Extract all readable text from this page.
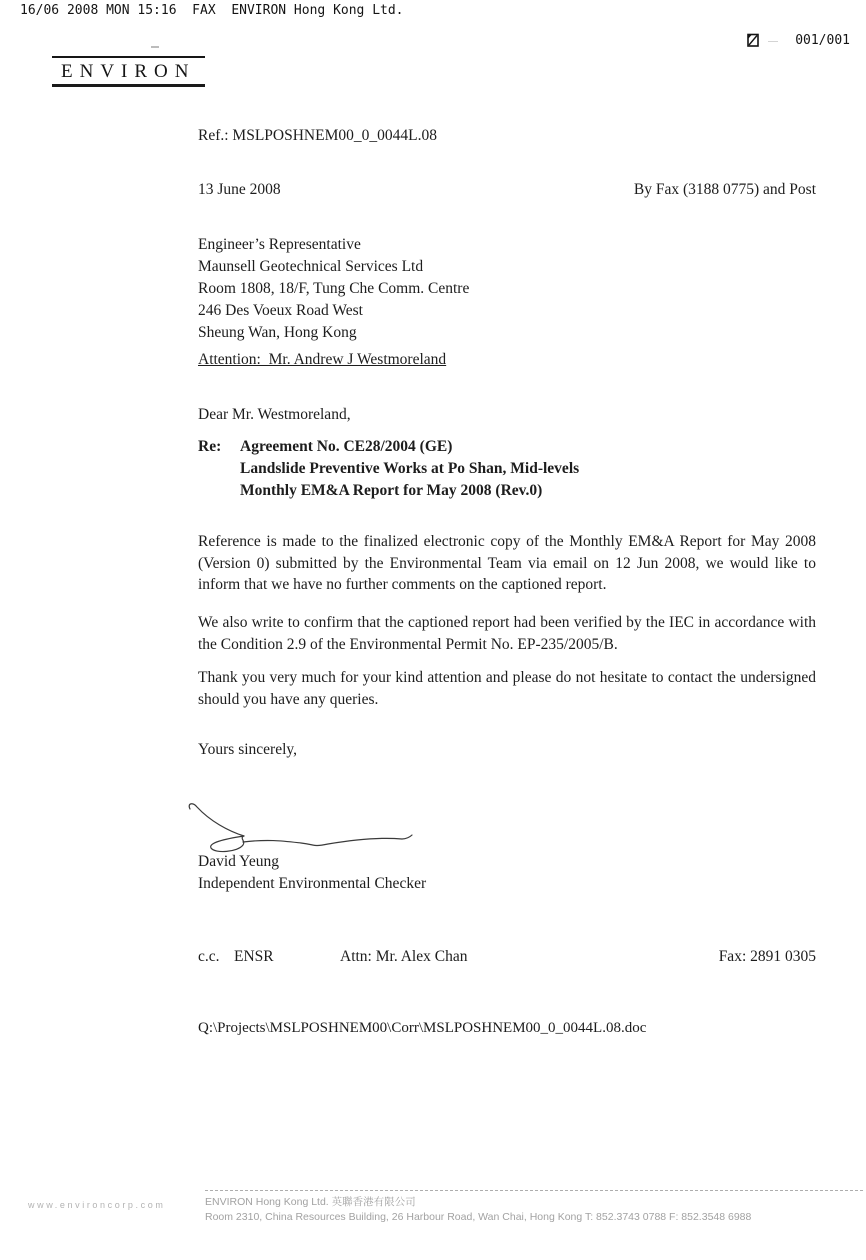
16/06 2008 MON 15:16  FAX  ENVIRON Hong Kong Ltd.

001/001
ENVIRON
Ref.: MSLPOSHNEM00_0_0044L.08
13 June 2008	By Fax (3188 0775) and Post
Engineer’s Representative
Maunsell Geotechnical Services Ltd
Room 1808, 18/F, Tung Che Comm. Centre
246 Des Voeux Road West
Sheung Wan, Hong Kong
Attention:  Mr. Andrew J Westmoreland
Dear Mr. Westmoreland,
Re:	Agreement No. CE28/2004 (GE)
Landslide Preventive Works at Po Shan, Mid-levels
Monthly EM&A Report for May 2008 (Rev.0)
Reference is made to the finalized electronic copy of the Monthly EM&A Report for May 2008 (Version 0) submitted by the Environmental Team via email on 12 Jun 2008, we would like to inform that we have no further comments on the captioned report.
We also write to confirm that the captioned report had been verified by the IEC in accordance with the Condition 2.9 of the Environmental Permit No. EP-235/2005/B.
Thank you very much for your kind attention and please do not hesitate to contact the undersigned should you have any queries.
Yours sincerely,
David Yeung
Independent Environmental Checker
c.c. ENSR	Attn: Mr. Alex Chan	Fax: 2891 0305
Q:\Projects\MSLPOSHNEM00\Corr\MSLPOSHNEM00_0_0044L.08.doc
www.environcorp.com	ENVIRON Hong Kong Ltd. 英聯香港有限公司
Room 2310, China Resources Building, 26 Harbour Road, Wan Chai, Hong Kong T: 852.3743 0788 F: 852.3548 6988
